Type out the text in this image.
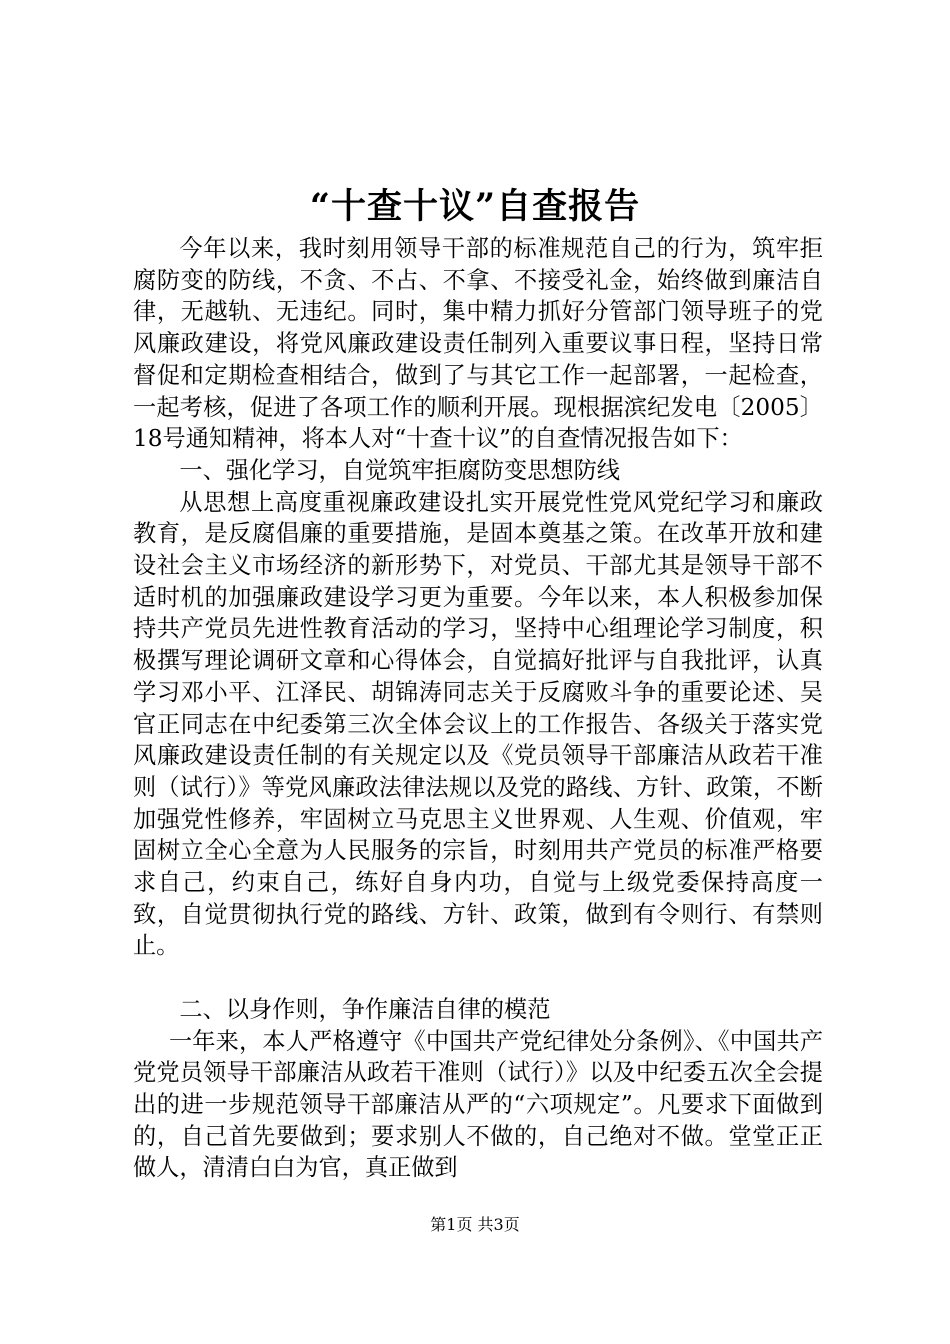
“十查十议”自查报告

今年以来，我时刻用领导干部的标准规范自己的行为，筑牢拒腐防变的防线，不贪、不占、不拿、不接受礼金，始终做到廉洁自律，无越轨、无违纪。同时，集中精力抓好分管部门领导班子的党风廉政建设，将党风廉政建设责任制列入重要议事日程，坚持日常督促和定期检查相结合，做到了与其它工作一起部署，一起检查，一起考核，促进了各项工作的顺利开展。现根据滨纪发电〔2005〕18号通知精神，将本人对“十查十议”的自查情况报告如下：

一、强化学习，自觉筑牢拒腐防变思想防线

从思想上高度重视廉政建设扎实开展党性党风党纪学习和廉政教育，是反腐倡廉的重要措施，是固本奠基之策。在改革开放和建设社会主义市场经济的新形势下，对党员、干部尤其是领导干部不适时机的加强廉政建设学习更为重要。今年以来，本人积极参加保持共产党员先进性教育活动的学习，坚持中心组理论学习制度，积极撰写理论调研文章和心得体会，自觉搞好批评与自我批评，认真学习邓小平、江泽民、胡锦涛同志关于反腐败斗争的重要论述、吴官正同志在中纪委第三次全体会议上的工作报告、各级关于落实党风廉政建设责任制的有关规定以及《党员领导干部廉洁从政若干准则（试行）》等党风廉政法律法规以及党的路线、方针、政策，不断加强党性修养，牢固树立马克思主义世界观、人生观、价值观，牢固树立全心全意为人民服务的宗旨，时刻用共产党员的标准严格要求自己，约束自己，练好自身内功，自觉与上级党委保持高度一致，自觉贯彻执行党的路线、方针、政策，做到有令则行、有禁则止。

二、以身作则，争作廉洁自律的模范

一年来，本人严格遵守《中国共产党纪律处分条例》、《中国共产党党员领导干部廉洁从政若干准则（试行）》以及中纪委五次全会提出的进一步规范领导干部廉洁从严的“六项规定”。凡要求下面做到的，自己首先要做到；要求别人不做的，自己绝对不做。堂堂正正做人，清清白白为官，真正做到

第1页 共3页
